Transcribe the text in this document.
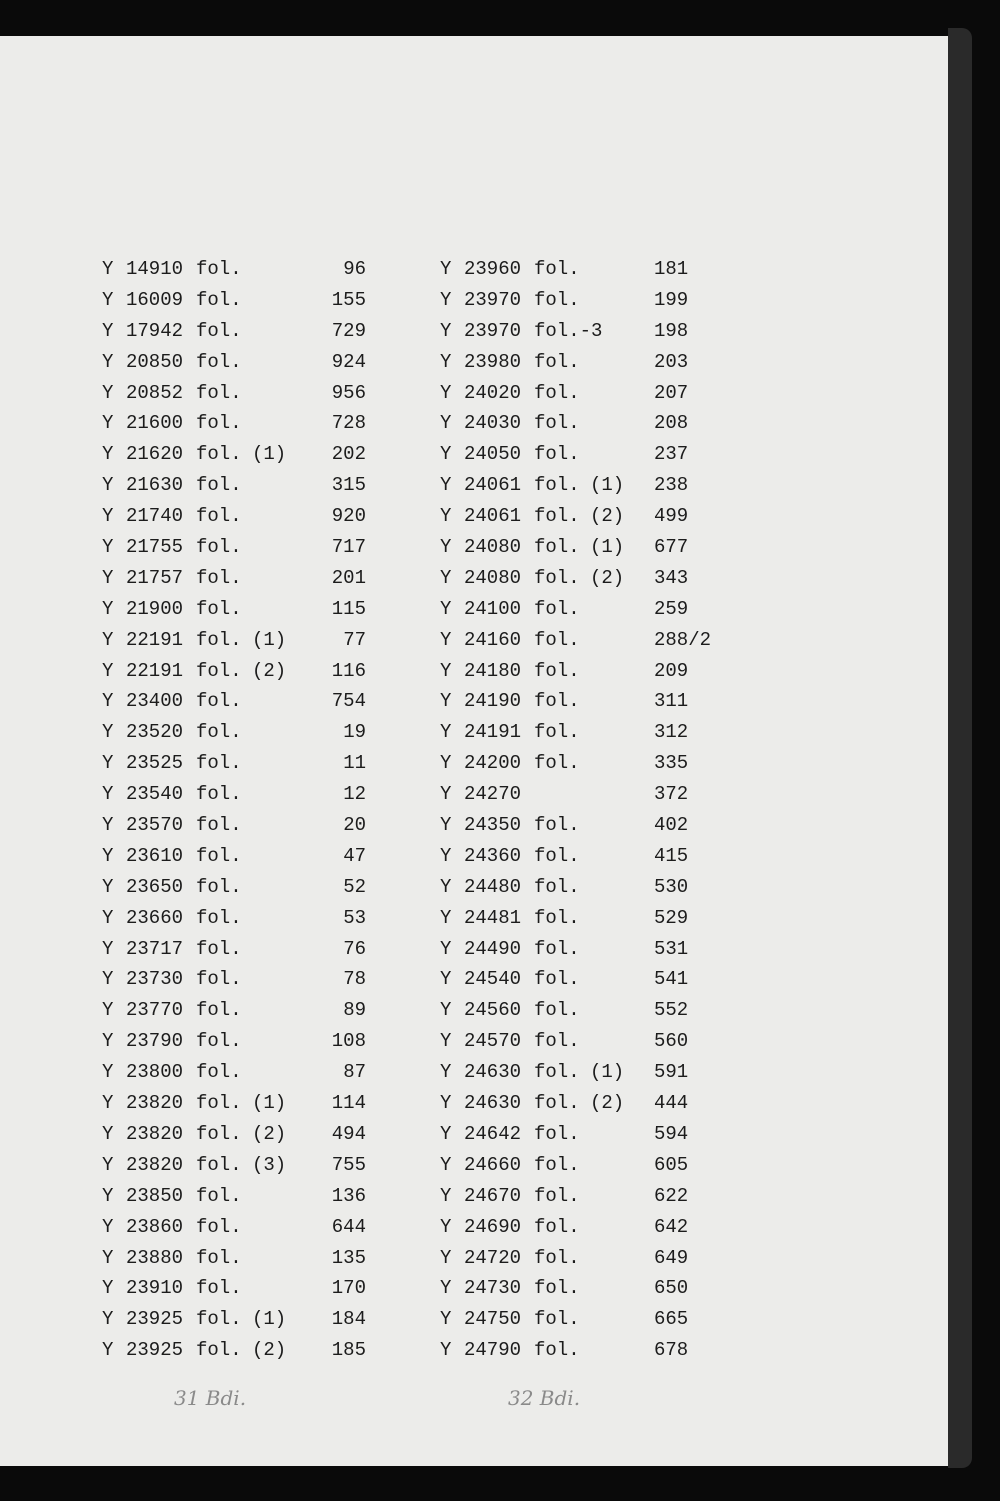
Y 14910 fol.	96
Y 16009 fol.	155
Y 17942 fol.	729
Y 20850 fol.	924
Y 20852 fol.	956
Y 21600 fol.	728
Y 21620 fol. (1)	202
Y 21630 fol.	315
Y 21740 fol.	920
Y 21755 fol.	717
Y 21757 fol.	201
Y 21900 fol.	115
Y 22191 fol. (1)	77
Y 22191 fol. (2)	116
Y 23400 fol.	754
Y 23520 fol.	19
Y 23525 fol.	11
Y 23540 fol.	12
Y 23570 fol.	20
Y 23610 fol.	47
Y 23650 fol.	52
Y 23660 fol.	53
Y 23717 fol.	76
Y 23730 fol.	78
Y 23770 fol.	89
Y 23790 fol.	108
Y 23800 fol.	87
Y 23820 fol. (1)	114
Y 23820 fol. (2)	494
Y 23820 fol. (3)	755
Y 23850 fol.	136
Y 23860 fol.	644
Y 23880 fol.	135
Y 23910 fol.	170
Y 23925 fol. (1)	184
Y 23925 fol. (2)	185
Y 23960 fol.	181
Y 23970 fol.	199
Y 23970 fol.-3	198
Y 23980 fol.	203
Y 24020 fol.	207
Y 24030 fol.	208
Y 24050 fol.	237
Y 24061 fol. (1) 238
Y 24061 fol. (2) 499
Y 24080 fol. (1) 677
Y 24080 fol. (2) 343
Y 24100 fol.	259
Y 24160 fol.	288/2
Y 24180 fol.	209
Y 24190 fol.	311
Y 24191 fol.	312
Y 24200 fol.	335
Y 24270	372
Y 24350 fol.	402
Y 24360 fol.	415
Y 24480 fol.	530
Y 24481 fol.	529
Y 24490 fol.	531
Y 24540 fol.	541
Y 24560 fol.	552
Y 24570 fol.	560
Y 24630 fol. (1) 591
Y 24630 fol. (2) 444
Y 24642 fol.	594
Y 24660 fol.	605
Y 24670 fol.	622
Y 24690 fol.	642
Y 24720 fol.	649
Y 24730 fol.	650
Y 24750 fol.	665
Y 24790 fol.	678
31 Bdi.	32 Bdi.
